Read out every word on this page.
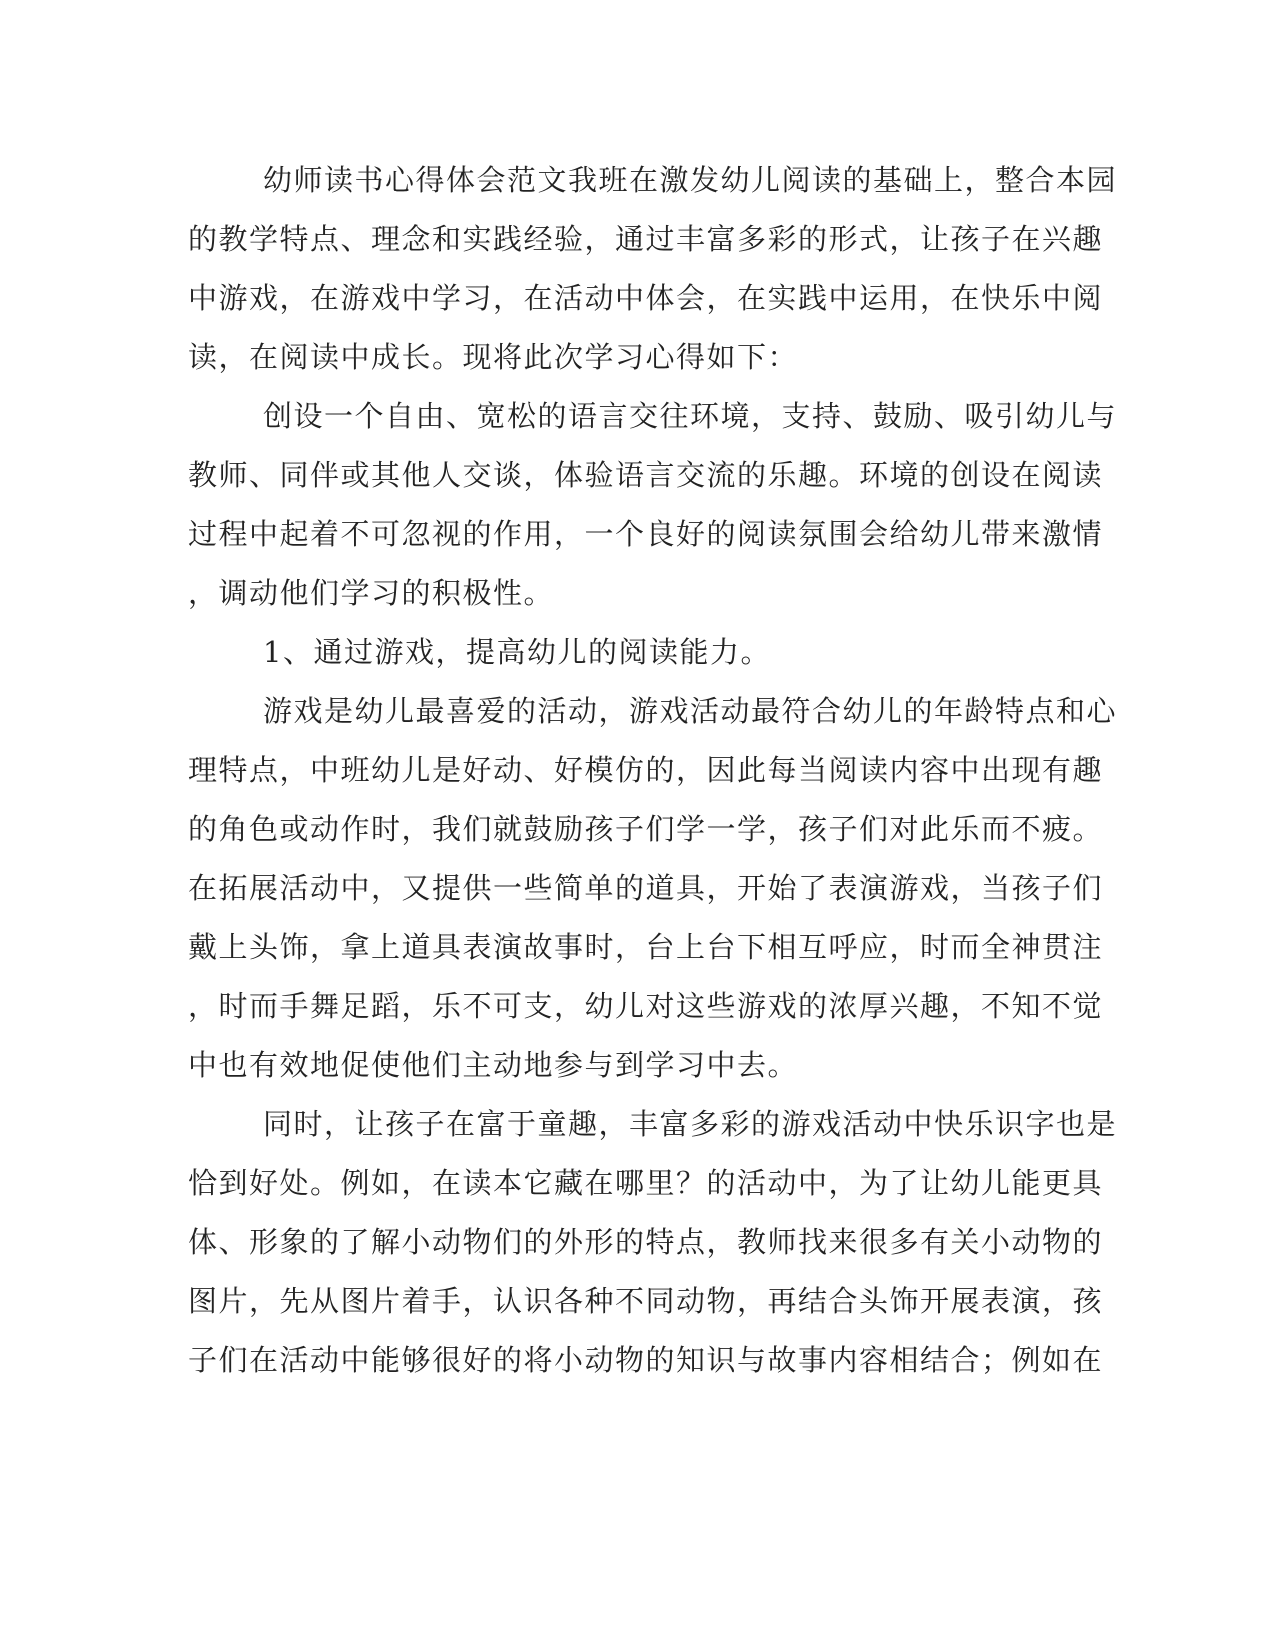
幼师读书心得体会范文我班在激发幼儿阅读的基础上，整合本园
的教学特点、理念和实践经验，通过丰富多彩的形式，让孩子在兴趣
中游戏，在游戏中学习，在活动中体会，在实践中运用，在快乐中阅
读，在阅读中成长。现将此次学习心得如下：
创设一个自由、宽松的语言交往环境，支持、鼓励、吸引幼儿与
教师、同伴或其他人交谈，体验语言交流的乐趣。环境的创设在阅读
过程中起着不可忽视的作用，一个良好的阅读氛围会给幼儿带来激情
，调动他们学习的积极性。
1、通过游戏，提高幼儿的阅读能力。
游戏是幼儿最喜爱的活动，游戏活动最符合幼儿的年龄特点和心
理特点，中班幼儿是好动、好模仿的，因此每当阅读内容中出现有趣
的角色或动作时，我们就鼓励孩子们学一学，孩子们对此乐而不疲。
在拓展活动中，又提供一些简单的道具，开始了表演游戏，当孩子们
戴上头饰，拿上道具表演故事时，台上台下相互呼应，时而全神贯注
，时而手舞足蹈，乐不可支，幼儿对这些游戏的浓厚兴趣，不知不觉
中也有效地促使他们主动地参与到学习中去。
同时，让孩子在富于童趣，丰富多彩的游戏活动中快乐识字也是
恰到好处。例如，在读本它藏在哪里？的活动中，为了让幼儿能更具
体、形象的了解小动物们的外形的特点，教师找来很多有关小动物的
图片，先从图片着手，认识各种不同动物，再结合头饰开展表演，孩
子们在活动中能够很好的将小动物的知识与故事内容相结合；例如在
